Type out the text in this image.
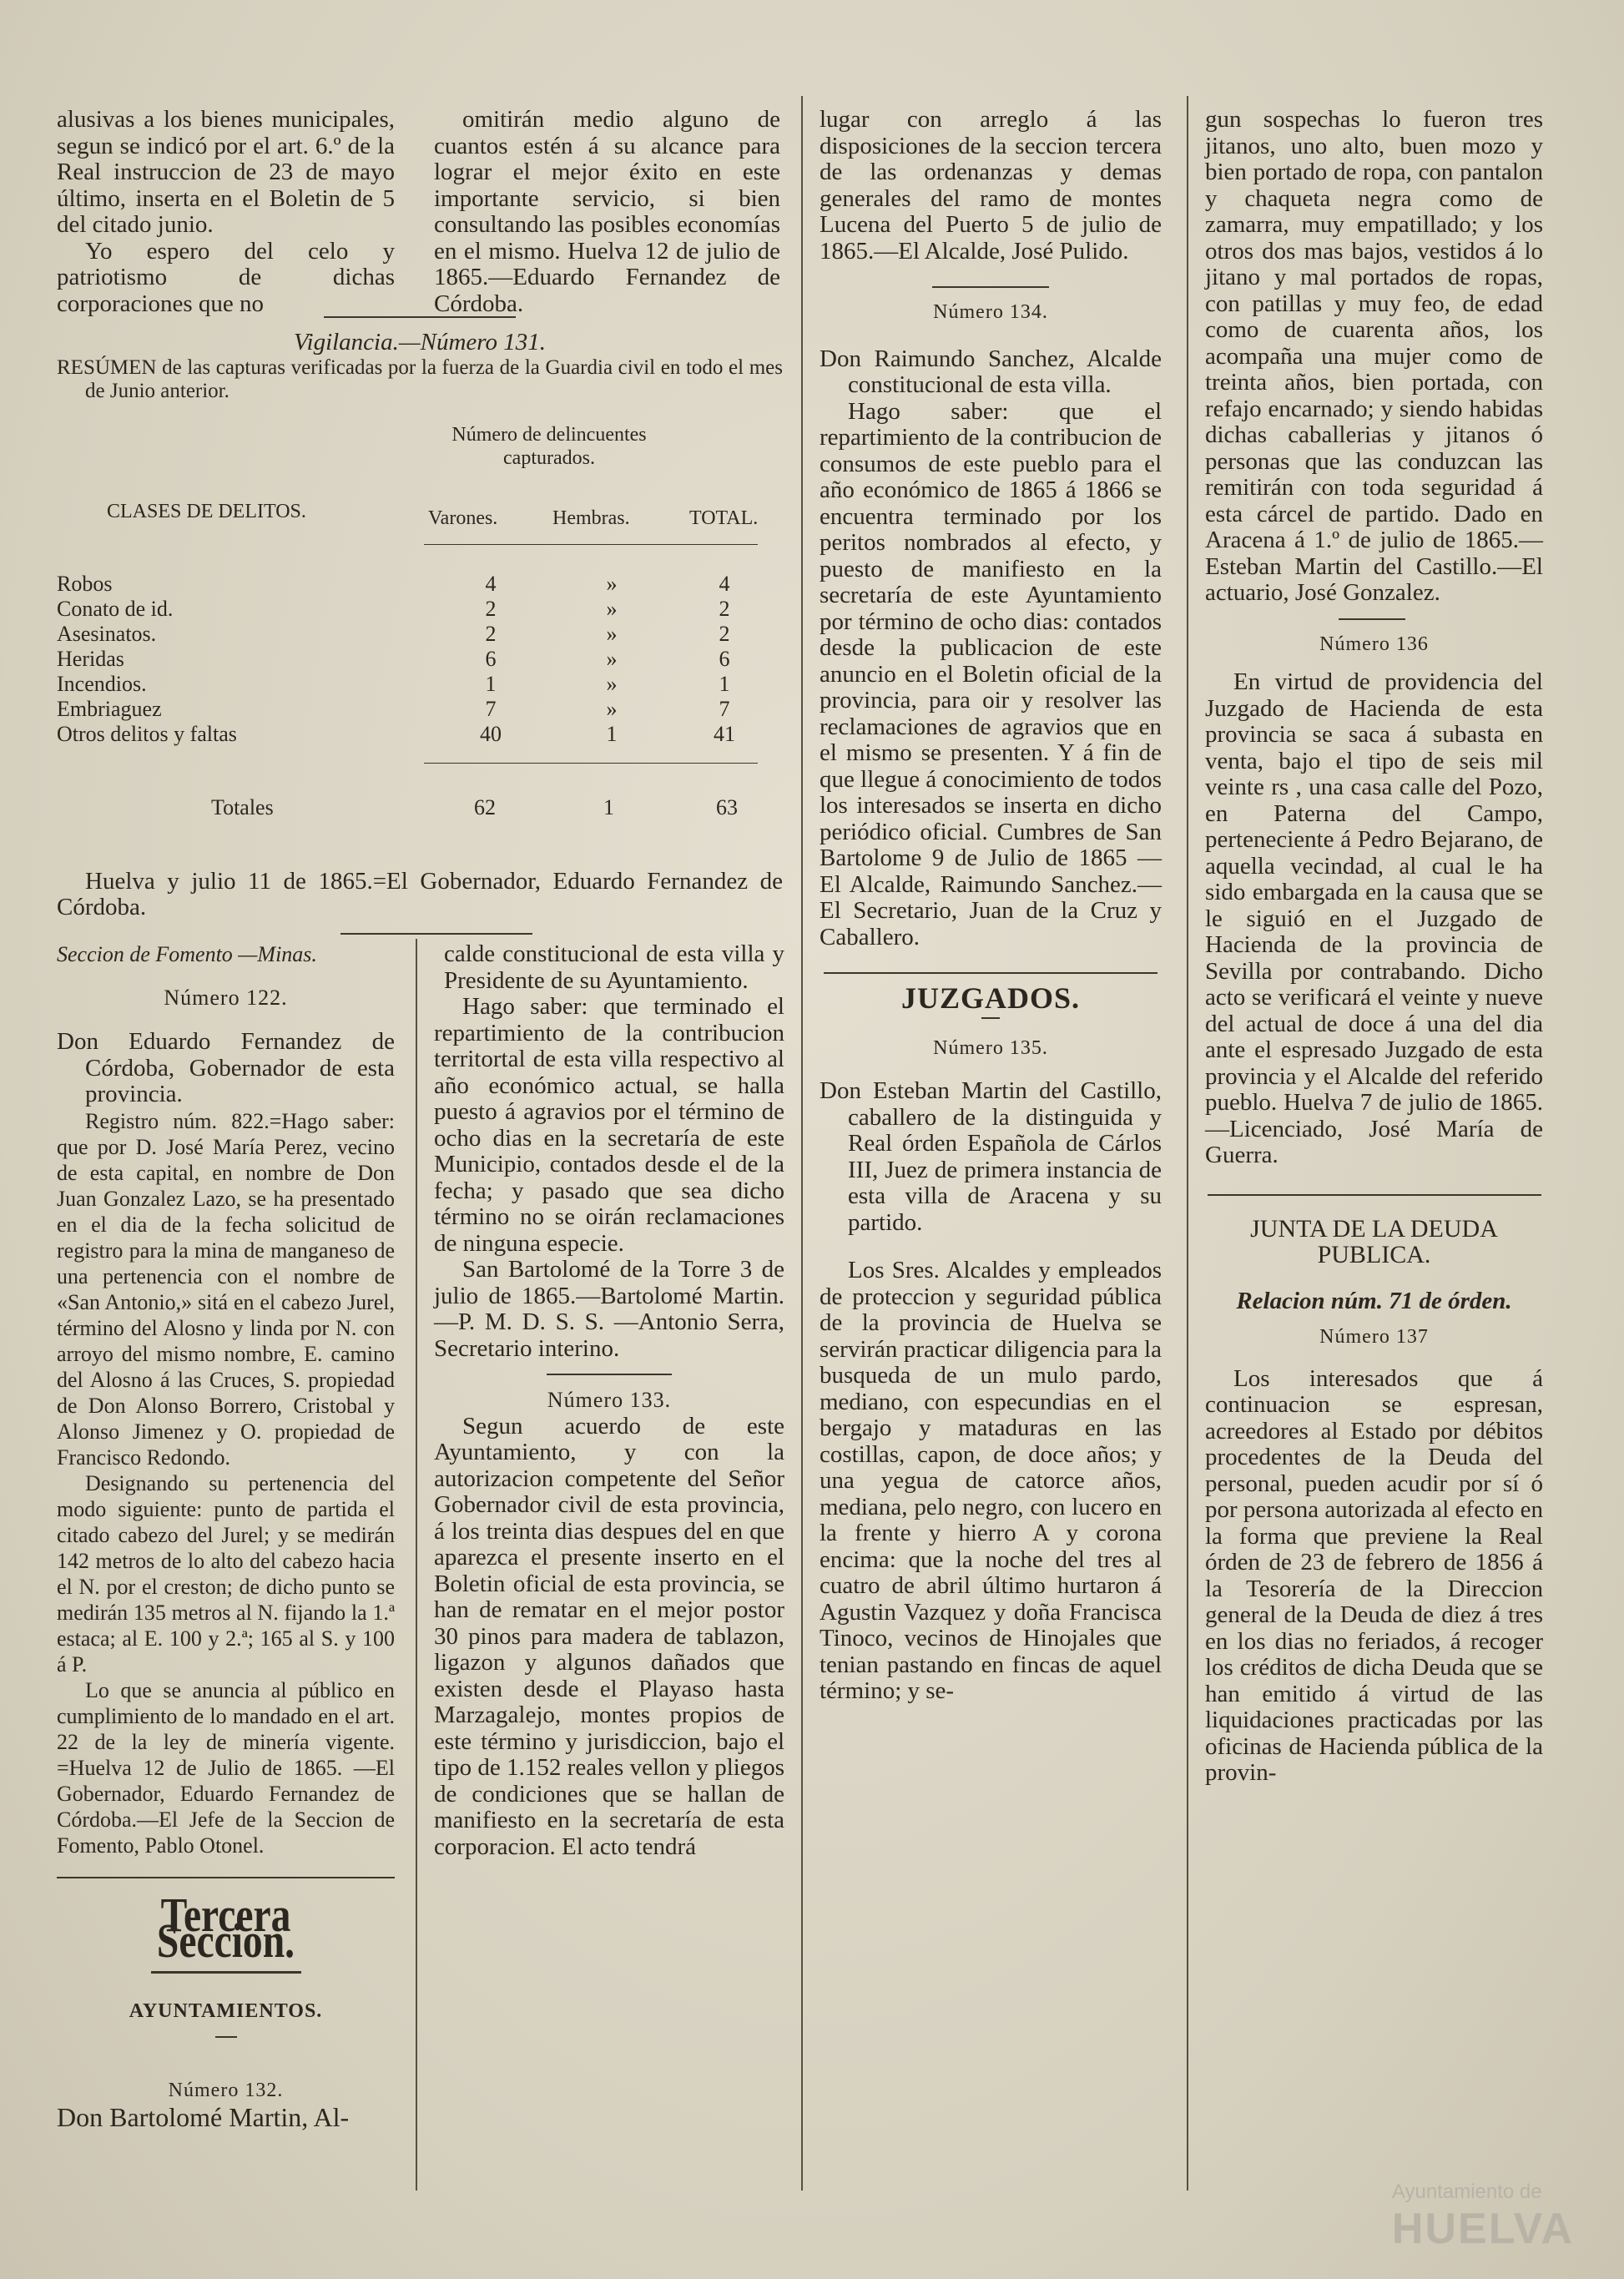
alusivas a los bienes municipales, segun se indicó por el art. 6.º de la Real instruccion de 23 de mayo último, inserta en el Boletin de 5 del citado junio.

Yo espero del celo y patriotismo de dichas corporaciones que no

omitirán medio alguno de cuantos estén á su alcance para lograr el mejor éxito en este importante servicio, si bien consultando las posibles economías en el mismo. Huelva 12 de julio de 1865.—Eduardo Fernandez de Córdoba.

Vigilancia.—Número 131.

RESÚMEN de las capturas verificadas por la fuerza de la Guardia civil en todo el mes de Junio anterior.

Número de delincuentes capturados.
CLASES DE DELITOS.	Varones.	Hembras.	TOTAL.
Robos	4	»	4
Conato de id.	2	»	2
Asesinatos.	2	»	2
Heridas	6	»	6
Incendios.	1	»	1
Embriaguez	7	»	7
Otros delitos y faltas	40	1	41
Totales	62	1	63

Huelva y julio 11 de 1865.=El Gobernador, Eduardo Fernandez de Córdoba.

Seccion de Fomento —Minas.

Número 122.

Don Eduardo Fernandez de Córdoba, Gobernador de esta provincia.

Registro núm. 822.=Hago saber: que por D. José María Perez, vecino de esta capital, en nombre de Don Juan Gonzalez Lazo, se ha presentado en el dia de la fecha solicitud de registro para la mina de manganeso de una pertenencia con el nombre de «San Antonio,» sitá en el cabezo Jurel, término del Alosno y linda por N. con arroyo del mismo nombre, E. camino del Alosno á las Cruces, S. propiedad de Don Alonso Borrero, Cristobal y Alonso Jimenez y O. propiedad de Francisco Redondo.

Designando su pertenencia del modo siguiente: punto de partida el citado cabezo del Jurel; y se medirán 142 metros de lo alto del cabezo hacia el N. por el creston; de dicho punto se medirán 135 metros al N. fijando la 1.ª estaca; al E. 100 y 2.ª; 165 al S. y 100 á P.

Lo que se anuncia al público en cumplimiento de lo mandado en el art. 22 de la ley de minería vigente. =Huelva 12 de Julio de 1865. —El Gobernador, Eduardo Fernandez de Córdoba.—El Jefe de la Seccion de Fomento, Pablo Otonel.

Tercera Seccion.

AYUNTAMIENTOS.

Número 132.

Don Bartolomé Martin, Al-

calde constitucional de esta villa y Presidente de su Ayuntamiento.

Hago saber: que terminado el repartimiento de la contribucion territortal de esta villa respectivo al año económico actual, se halla puesto á agravios por el término de ocho dias en la secretaría de este Municipio, contados desde el de la fecha; y pasado que sea dicho término no se oirán reclamaciones de ninguna especie.

San Bartolomé de la Torre 3 de julio de 1865.—Bartolomé Martin.—P. M. D. S. S. —Antonio Serra, Secretario interino.

Número 133.

Segun acuerdo de este Ayuntamiento, y con la autorizacion competente del Señor Gobernador civil de esta provincia, á los treinta dias despues del en que aparezca el presente inserto en el Boletin oficial de esta provincia, se han de rematar en el mejor postor 30 pinos para madera de tablazon, ligazon y algunos dañados que existen desde el Playaso hasta Marzagalejo, montes propios de este término y jurisdiccion, bajo el tipo de 1.152 reales vellon y pliegos de condiciones que se hallan de manifiesto en la secretaría de esta corporacion. El acto tendrá

lugar con arreglo á las disposiciones de la seccion tercera de las ordenanzas y demas generales del ramo de montes Lucena del Puerto 5 de julio de 1865.—El Alcalde, José Pulido.

Número 134.

Don Raimundo Sanchez, Alcalde constitucional de esta villa.

Hago saber: que el repartimiento de la contribucion de consumos de este pueblo para el año económico de 1865 á 1866 se encuentra terminado por los peritos nombrados al efecto, y puesto de manifiesto en la secretaría de este Ayuntamiento por término de ocho dias: contados desde la publicacion de este anuncio en el Boletin oficial de la provincia, para oir y resolver las reclamaciones de agravios que en el mismo se presenten. Y á fin de que llegue á conocimiento de todos los interesados se inserta en dicho periódico oficial. Cumbres de San Bartolome 9 de Julio de 1865 — El Alcalde, Raimundo Sanchez.—El Secretario, Juan de la Cruz y Caballero.

JUZGADOS.

Número 135.

Don Esteban Martin del Castillo, caballero de la distinguida y Real órden Española de Cárlos III, Juez de primera instancia de esta villa de Aracena y su partido.

Los Sres. Alcaldes y empleados de proteccion y seguridad pública de la provincia de Huelva se servirán practicar diligencia para la busqueda de un mulo pardo, mediano, con especundias en el bergajo y mataduras en las costillas, capon, de doce años; y una yegua de catorce años, mediana, pelo negro, con lucero en la frente y hierro A y corona encima: que la noche del tres al cuatro de abril último hurtaron á Agustin Vazquez y doña Francisca Tinoco, vecinos de Hinojales que tenian pastando en fincas de aquel término; y se-

gun sospechas lo fueron tres jitanos, uno alto, buen mozo y bien portado de ropa, con pantalon y chaqueta negra como de zamarra, muy empatillado; y los otros dos mas bajos, vestidos á lo jitano y mal portados de ropas, con patillas y muy feo, de edad como de cuarenta años, los acompaña una mujer como de treinta años, bien portada, con refajo encarnado; y siendo habidas dichas caballerias y jitanos ó personas que las conduzcan las remitirán con toda seguridad á esta cárcel de partido. Dado en Aracena á 1.º de julio de 1865.—Esteban Martin del Castillo.—El actuario, José Gonzalez.

Número 136

En virtud de providencia del Juzgado de Hacienda de esta provincia se saca á subasta en venta, bajo el tipo de seis mil veinte rs , una casa calle del Pozo, en Paterna del Campo, perteneciente á Pedro Bejarano, de aquella vecindad, al cual le ha sido embargada en la causa que se le siguió en el Juzgado de Hacienda de la provincia de Sevilla por contrabando. Dicho acto se verificará el veinte y nueve del actual de doce á una del dia ante el espresado Juzgado de esta provincia y el Alcalde del referido pueblo. Huelva 7 de julio de 1865.—Licenciado, José María de Guerra.

JUNTA DE LA DEUDA PUBLICA.

Relacion núm. 71 de órden.

Número 137

Los interesados que á continuacion se espresan, acreedores al Estado por débitos procedentes de la Deuda del personal, pueden acudir por sí ó por persona autorizada al efecto en la forma que previene la Real órden de 23 de febrero de 1856 á la Tesorería de la Direccion general de la Deuda de diez á tres en los dias no feriados, á recoger los créditos de dicha Deuda que se han emitido á virtud de las liquidaciones practicadas por las oficinas de Hacienda pública de la provin-

Ayuntamiento de
HUELVA
